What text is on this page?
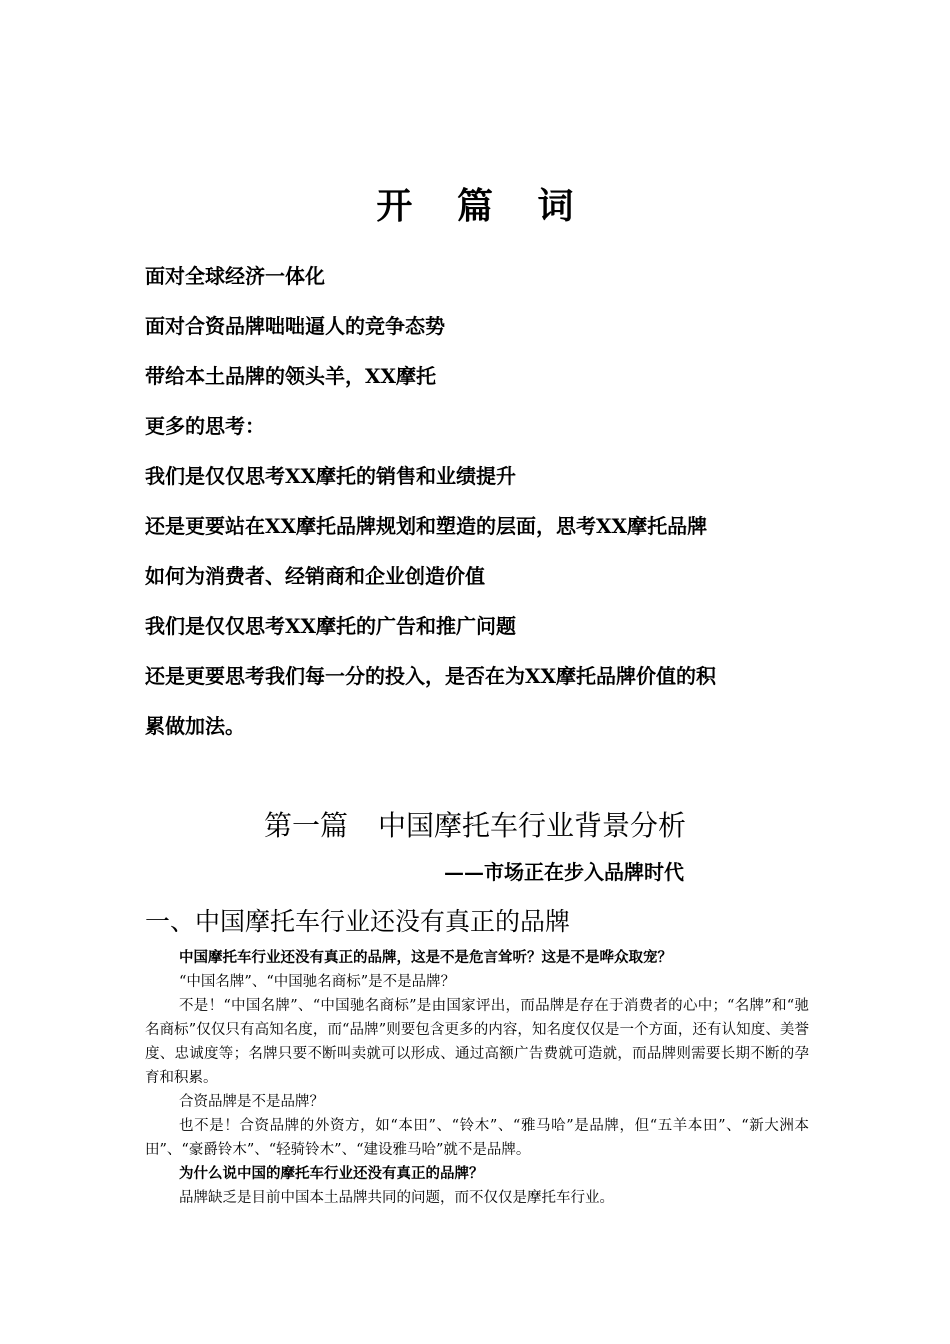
开 篇 词

面对全球经济一体化

面对合资品牌咄咄逼人的竞争态势

带给本土品牌的领头羊，XX摩托

更多的思考：

我们是仅仅思考XX摩托的销售和业绩提升

还是更要站在XX摩托品牌规划和塑造的层面，思考XX摩托品牌

如何为消费者、经销商和企业创造价值

我们是仅仅思考XX摩托的广告和推广问题

还是更要思考我们每一分的投入，是否在为XX摩托品牌价值的积

累做加法。

第一篇 中国摩托车行业背景分析
——市场正在步入品牌时代
一、中国摩托车行业还没有真正的品牌

中国摩托车行业还没有真正的品牌，这是不是危言耸听？这是不是哗众取宠？

“中国名牌”、“中国驰名商标”是不是品牌？

不是！“中国名牌”、“中国驰名商标”是由国家评出，而品牌是存在于消费者的心中；“名牌”和“驰名商标”仅仅只有高知名度，而“品牌”则要包含更多的内容，知名度仅仅是一个方面，还有认知度、美誉度、忠诚度等；名牌只要不断叫卖就可以形成、通过高额广告费就可造就，而品牌则需要长期不断的孕育和积累。

合资品牌是不是品牌？

也不是！合资品牌的外资方，如“本田”、“铃木”、“雅马哈”是品牌，但“五羊本田”、“新大洲本田”、“豪爵铃木”、“轻骑铃木”、“建设雅马哈”就不是品牌。

为什么说中国的摩托车行业还没有真正的品牌？

品牌缺乏是目前中国本土品牌共同的问题，而不仅仅是摩托车行业。
